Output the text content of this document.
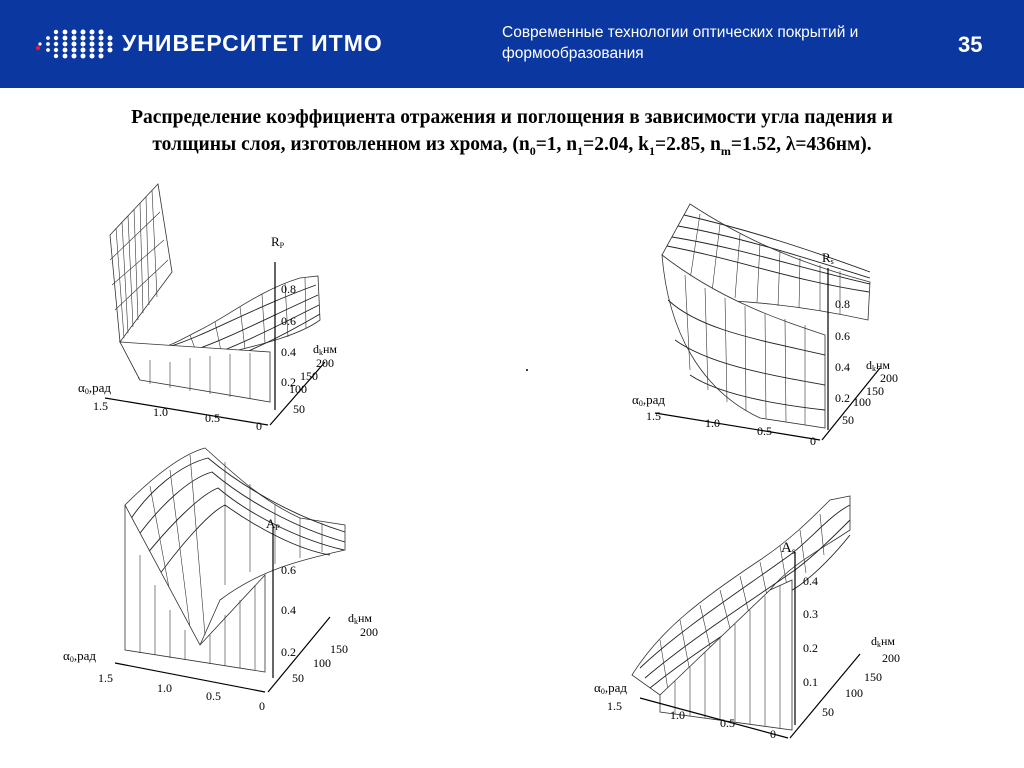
УНИВЕРСИТЕТ ИТМО	Современные технологии оптических покрытий и формообразования	35
Распределение коэффициента отражения и поглощения в зависимости угла падения и
толщины слоя, изготовленном из хрома, ($n_0=1$, $n_1=2.04$, $k_1=2.85$, $n_m=1.52$, λ=436нм).
RP
0.8
0.6
0.4
0.2
α0,рад
1.5	1.0	0.5
0
dkнм
200
150
100
50
Rs
0.8
0.6
0.4
0.2
α0,рад
1.5	1.0
0.5
0
dkнм
200
150
100
50
AP
0.6
0.4
0.2
α0,рад
1.5
1.0
0.5
0
dkнм
200
150
100
50
As
0.4
0.3
0.2
0.1
α0,рад
1.5
1.0
0.5
0
dkнм
200
150
100
50
